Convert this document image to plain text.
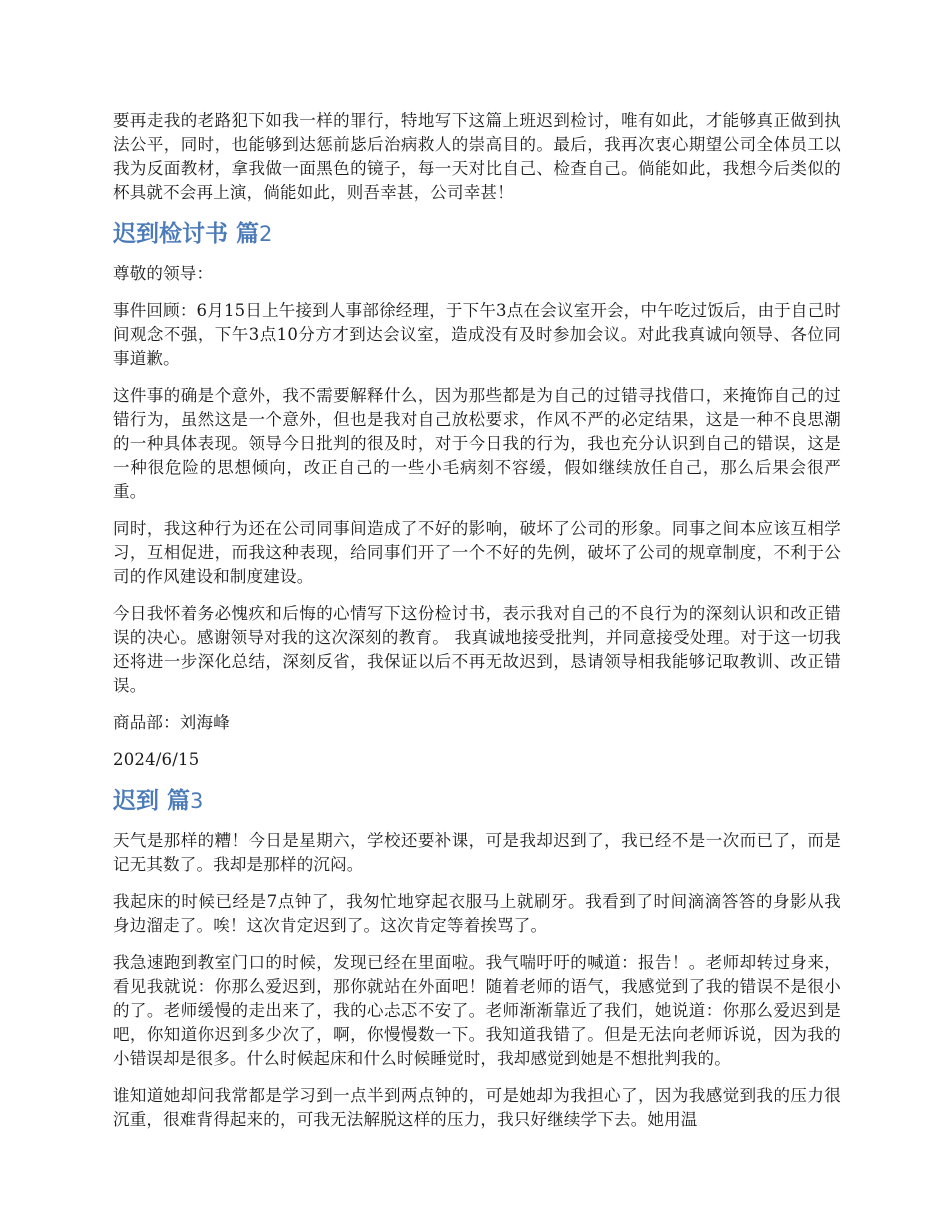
要再走我的老路犯下如我一样的罪行，特地写下这篇上班迟到检讨，唯有如此，才能够真正做到执法公平，同时，也能够到达惩前毖后治病救人的崇高目的。最后，我再次衷心期望公司全体员工以我为反面教材，拿我做一面黑色的镜子，每一天对比自己、检查自己。倘能如此，我想今后类似的杯具就不会再上演，倘能如此，则吾幸甚，公司幸甚！

迟到检讨书 篇2

尊敬的领导：

事件回顾：6月15日上午接到人事部徐经理，于下午3点在会议室开会，中午吃过饭后，由于自己时间观念不强，下午3点10分方才到达会议室，造成没有及时参加会议。对此我真诚向领导、各位同事道歉。

这件事的确是个意外，我不需要解释什么，因为那些都是为自己的过错寻找借口，来掩饰自己的过错行为，虽然这是一个意外，但也是我对自己放松要求，作风不严的必定结果，这是一种不良思潮的一种具体表现。领导今日批判的很及时，对于今日我的行为，我也充分认识到自己的错误，这是一种很危险的思想倾向，改正自己的一些小毛病刻不容缓，假如继续放任自己，那么后果会很严重。

同时，我这种行为还在公司同事间造成了不好的影响，破坏了公司的形象。同事之间本应该互相学习，互相促进，而我这种表现，给同事们开了一个不好的先例，破坏了公司的规章制度，不利于公司的作风建设和制度建设。

今日我怀着务必愧疚和后悔的心情写下这份检讨书，表示我对自己的不良行为的深刻认识和改正错误的决心。感谢领导对我的这次深刻的教育。 我真诚地接受批判，并同意接受处理。对于这一切我还将进一步深化总结，深刻反省，我保证以后不再无故迟到，恳请领导相我能够记取教训、改正错误。

商品部：刘海峰

2024/6/15

迟到 篇3

天气是那样的糟！今日是星期六，学校还要补课，可是我却迟到了，我已经不是一次而已了，而是记无其数了。我却是那样的沉闷。

我起床的时候已经是7点钟了，我匆忙地穿起衣服马上就刷牙。我看到了时间滴滴答答的身影从我身边溜走了。唉！这次肯定迟到了。这次肯定等着挨骂了。

我急速跑到教室门口的时候，发现已经在里面啦。我气喘吁吁的喊道：报告！。老师却转过身来，看见我就说：你那么爱迟到，那你就站在外面吧！随着老师的语气，我感觉到了我的错误不是很小的了。老师缓慢的走出来了，我的心忐忑不安了。老师渐渐靠近了我们，她说道：你那么爱迟到是吧，你知道你迟到多少次了，啊，你慢慢数一下。我知道我错了。但是无法向老师诉说，因为我的小错误却是很多。什么时候起床和什么时候睡觉时，我却感觉到她是不想批判我的。

谁知道她却问我常都是学习到一点半到两点钟的，可是她却为我担心了，因为我感觉到我的压力很沉重，很难背得起来的，可我无法解脱这样的压力，我只好继续学下去。她用温
